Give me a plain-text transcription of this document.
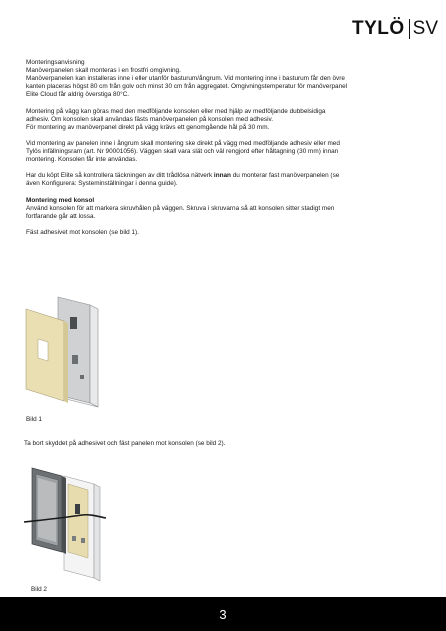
TYLÖ SV

Monteringsanvisning

Manöverpanelen skall monteras i en frostfri omgivning.

Manöverpanelen kan installeras inne i eller utanför basturum/ångrum. Vid montering inne i basturum får den övre

kanten placeras högst 80 cm från golv och minst 30 cm från aggregatet. Omgivningstemperatur för manöverpanel

Elite Cloud får aldrig överstiga 80°C.

Montering på vägg kan göras med den medföljande konsolen eller med hjälp av medföljande dubbelsidiga

adhesiv. Om konsolen skall användas fästs manöverpanelen på konsolen med adhesiv.

För montering av manöverpanel direkt på vägg krävs ett genomgående hål på 30 mm.

Vid montering av panelen inne i ångrum skall montering ske direkt på vägg med medföljande adhesiv eller med

Tylös infällningsram (art. Nr 90001056). Väggen skall vara slät och väl rengjord efter håltagning (30 mm) innan

montering. Konsolen får inte användas.

Har du köpt Elite så kontrollera täckningen av ditt trådlösa nätverk innan du monterar fast manöverpanelen (se

även Konfigurera: Systeminställningar i denna guide).

Montering med konsol

Använd konsolen för att markera skruvhålen på väggen. Skruva i skruvarna så att konsolen sitter stadigt men

fortfarande går att lossa.

Fäst adhesivet mot konsolen (se bild 1).

Bild 1
Ta bort skyddet på adhesivet och fäst panelen mot konsolen (se bild 2).
Bild 2
3
